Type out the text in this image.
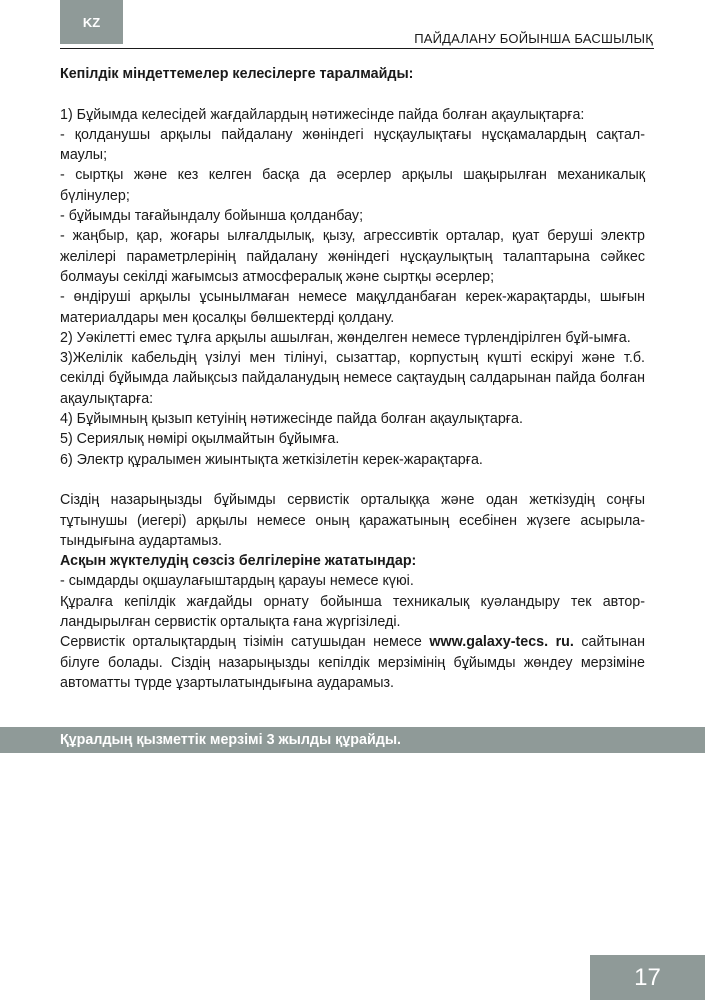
KZ
ПАЙДАЛАНУ БОЙЫНША БАСШЫЛЫҚ

Кепілдік міндеттемелер келесілерге таралмайды:

1) Бұйымда келесідей жағдайлардың нәтижесінде пайда болған ақаулықтарға:

- қолданушы арқылы пайдалану жөніндегі нұсқаулықтағы нұсқамалардың сақтал-маулы;

- сыртқы және кез келген басқа да әсерлер арқылы шақырылған механикалық бүлінулер;

- бұйымды тағайындалу бойынша қолданбау;

- жаңбыр, қар, жоғары ылғалдылық, қызу, агрессивтік орталар, қуат беруші электр желілері параметрлерінің пайдалану жөніндегі нұсқаулықтың талаптарына сәйкес болмауы секілді жағымсыз атмосфералық және сыртқы әсерлер;

- өндіруші арқылы ұсынылмаған немесе мақұлданбаған керек-жарақтарды, шығын материалдары мен қосалқы бөлшектерді қолдану.

2) Уәкілетті емес тұлға арқылы ашылған, жөнделген немесе түрлендірілген бұй-ымға.

3)Желілік кабельдің үзілуі мен тілінуі, сызаттар, корпустың күшті ескіруі және т.б. секілді бұйымда лайықсыз пайдаланудың немесе сақтаудың салдарынан пайда болған ақаулықтарға:

4) Бұйымның қызып кетуінің нәтижесінде пайда болған ақаулықтарға.

5) Сериялық нөмірі оқылмайтын бұйымға.

6) Электр құралымен жиынтықта жеткізілетін керек-жарақтарға.

Сіздің назарыңызды бұйымды сервистік орталыққа және одан жеткізудің соңғы тұтынушы (иегері) арқылы немесе оның қаражатының есебінен жүзеге асырыла-тындығына аудартамыз.

Асқын жүктелудің сөзсіз белгілеріне жататындар:

- сымдарды оқшаулағыштардың қарауы немесе күюі.

Құралға кепілдік жағдайды орнату бойынша техникалық куәландыру тек автор-ландырылған сервистік орталықта ғана жүргізіледі.

Сервистік орталықтардың тізімін сатушыдан немесе www.galaxy-tecs. ru. сайтынан білуге болады. Сіздің назарыңызды кепілдік мерзімінің бұйымды жөндеу мерзіміне автоматты түрде ұзартылатындығына аударамыз.

Құралдың қызметтік мерзімі 3 жылды құрайды.
17
